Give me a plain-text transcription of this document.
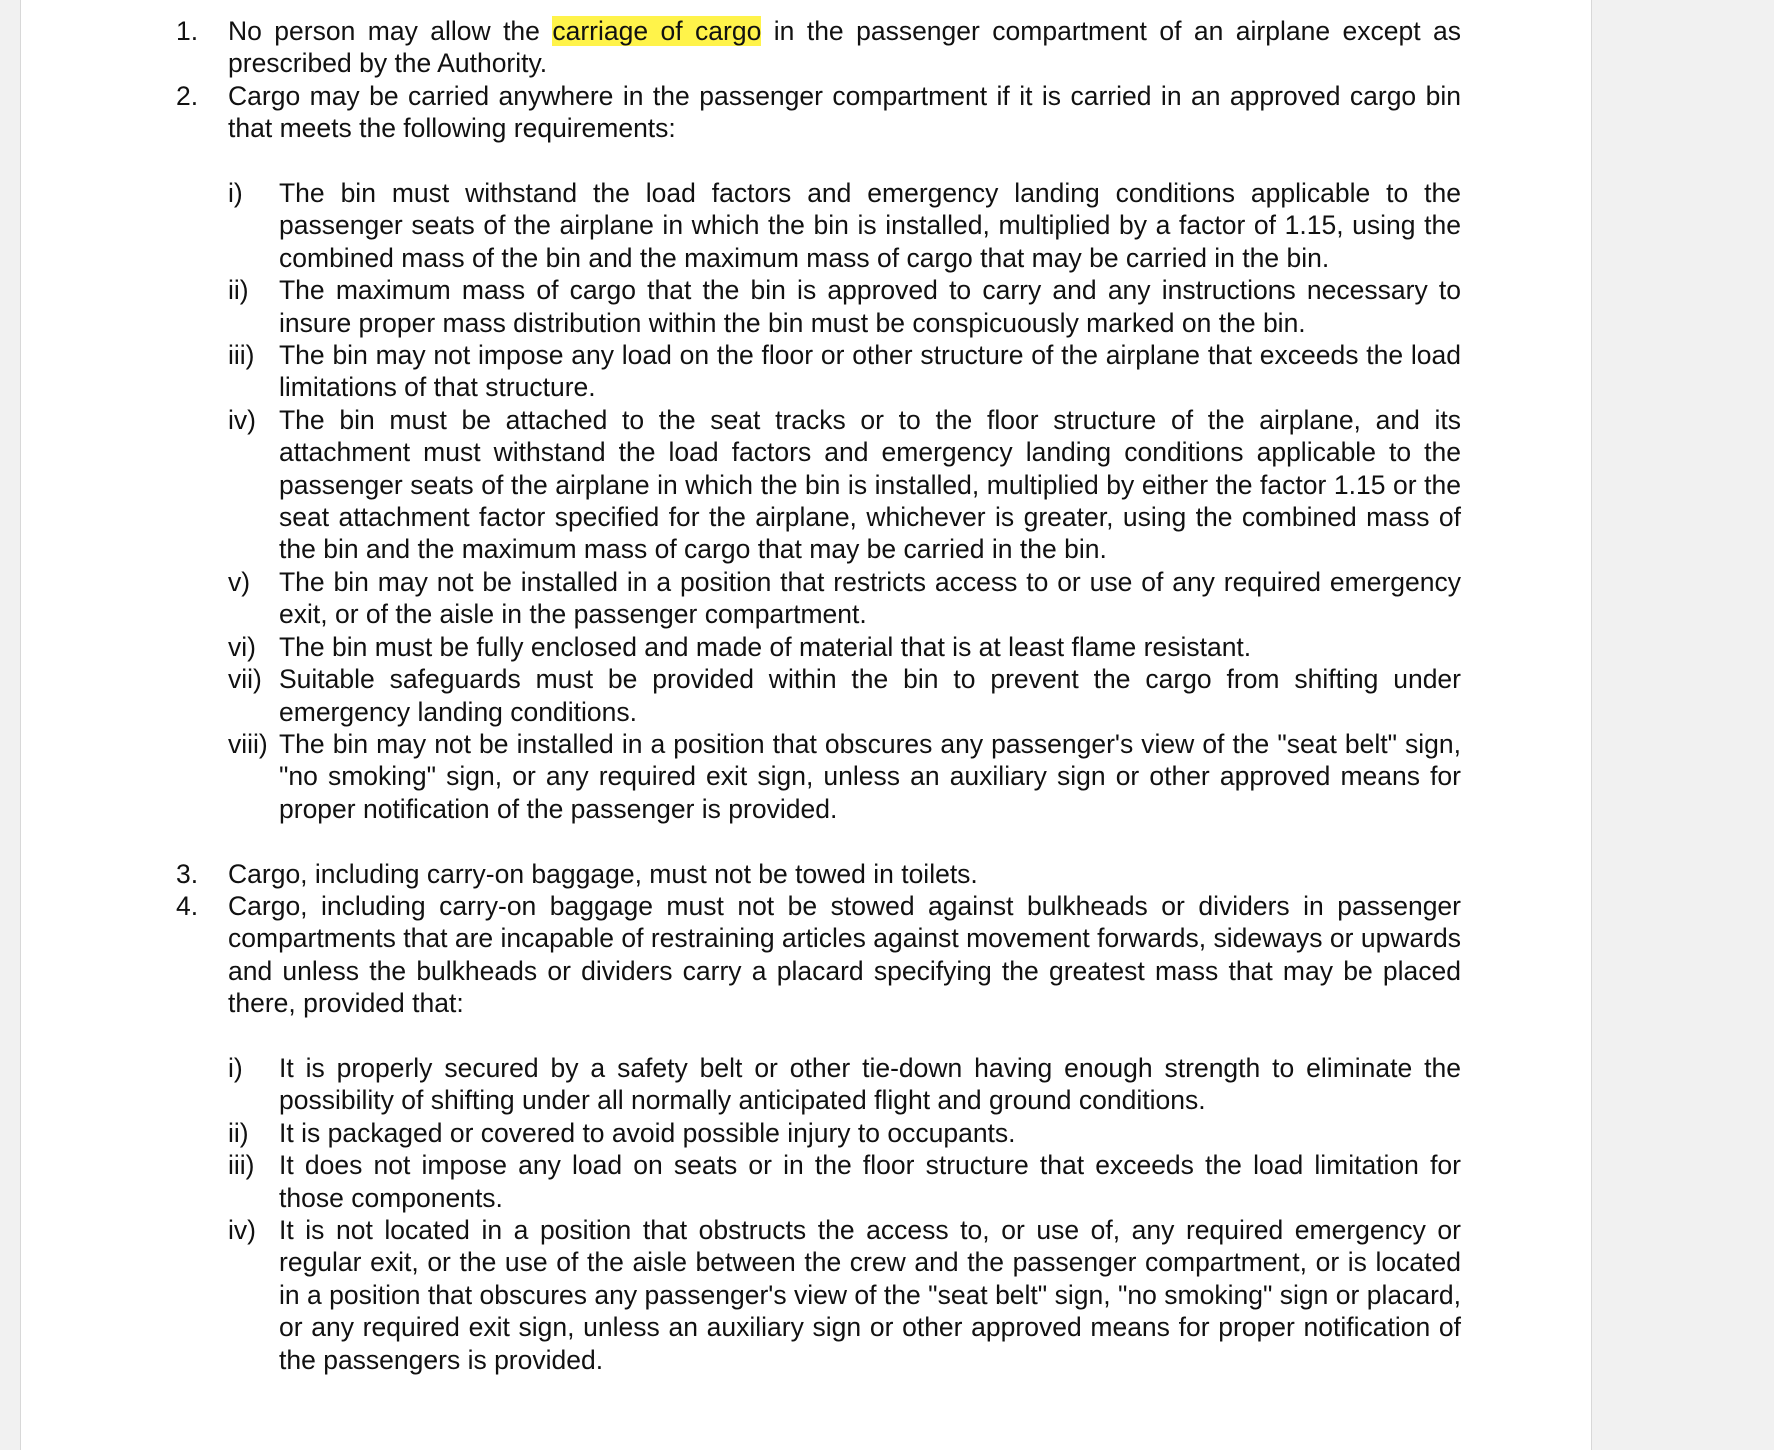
1. No person may allow the carriage of cargo in the passenger compartment of an airplane except as prescribed by the Authority.
2. Cargo may be carried anywhere in the passenger compartment if it is carried in an approved cargo bin that meets the following requirements:
i) The bin must withstand the load factors and emergency landing conditions applicable to the passenger seats of the airplane in which the bin is installed, multiplied by a factor of 1.15, using the combined mass of the bin and the maximum mass of cargo that may be carried in the bin.
ii) The maximum mass of cargo that the bin is approved to carry and any instructions necessary to insure proper mass distribution within the bin must be conspicuously marked on the bin.
iii) The bin may not impose any load on the floor or other structure of the airplane that exceeds the load limitations of that structure.
iv) The bin must be attached to the seat tracks or to the floor structure of the airplane, and its attachment must withstand the load factors and emergency landing conditions applicable to the passenger seats of the airplane in which the bin is installed, multiplied by either the factor 1.15 or the seat attachment factor specified for the airplane, whichever is greater, using the combined mass of the bin and the maximum mass of cargo that may be carried in the bin.
v) The bin may not be installed in a position that restricts access to or use of any required emergency exit, or of the aisle in the passenger compartment.
vi) The bin must be fully enclosed and made of material that is at least flame resistant.
vii) Suitable safeguards must be provided within the bin to prevent the cargo from shifting under emergency landing conditions.
viii) The bin may not be installed in a position that obscures any passenger's view of the "seat belt" sign, "no smoking" sign, or any required exit sign, unless an auxiliary sign or other approved means for proper notification of the passenger is provided.
3. Cargo, including carry-on baggage, must not be towed in toilets.
4. Cargo, including carry-on baggage must not be stowed against bulkheads or dividers in passenger compartments that are incapable of restraining articles against movement forwards, sideways or upwards and unless the bulkheads or dividers carry a placard specifying the greatest mass that may be placed there, provided that:
i) It is properly secured by a safety belt or other tie-down having enough strength to eliminate the possibility of shifting under all normally anticipated flight and ground conditions.
ii) It is packaged or covered to avoid possible injury to occupants.
iii) It does not impose any load on seats or in the floor structure that exceeds the load limitation for those components.
iv) It is not located in a position that obstructs the access to, or use of, any required emergency or regular exit, or the use of the aisle between the crew and the passenger compartment, or is located in a position that obscures any passenger's view of the "seat belt" sign, "no smoking" sign or placard, or any required exit sign, unless an auxiliary sign or other approved means for proper notification of the passengers is provided.
